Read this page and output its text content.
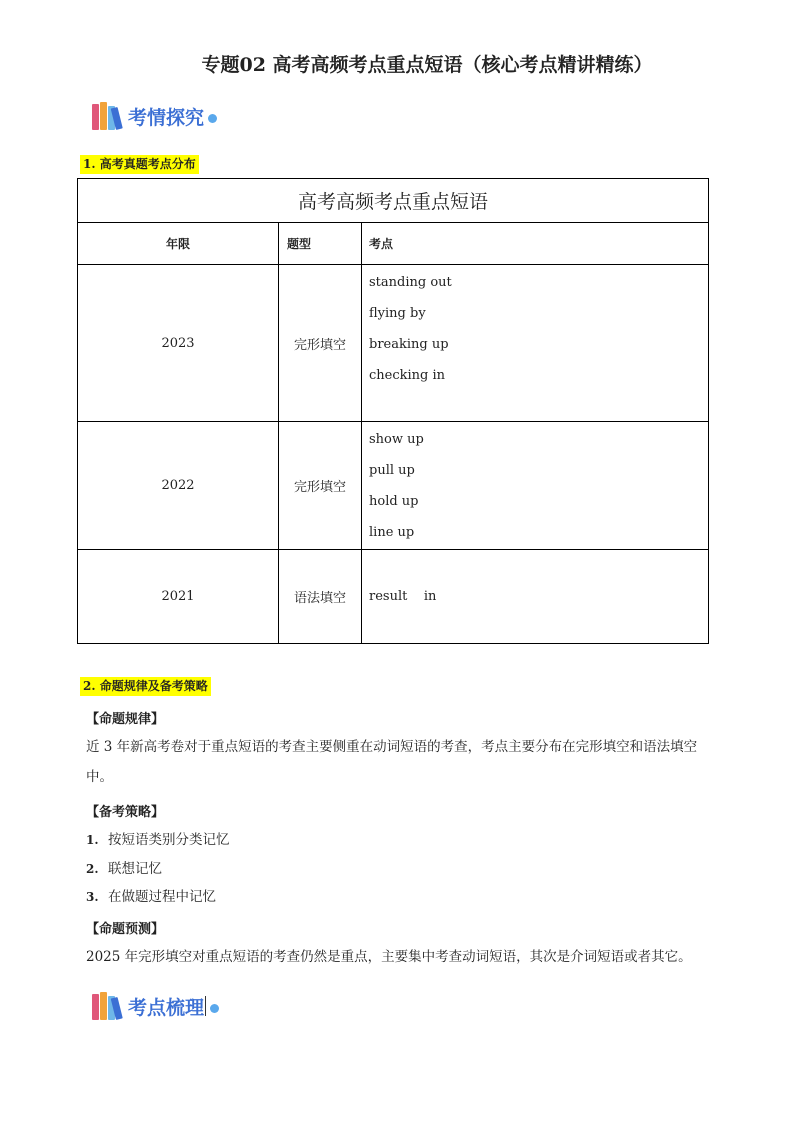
专题02 高考高频考点重点短语（核心考点精讲精练）
考情探究
1. 高考真题考点分布
高考高频考点重点短语		
年限	题型	考点
2023	完形填空	standing out
flying by
breaking up
checking in

2022	完形填空	show up
pull up
hold up
line up

2021	语法填空	result    in
2. 命题规律及备考策略
【命题规律】
近 3 年新高考卷对于重点短语的考查主要侧重在动词短语的考查，考点主要分布在完形填空和语法填空中。
【备考策略】
1. 按短语类别分类记忆
2. 联想记忆
3. 在做题过程中记忆
【命题预测】
2025 年完形填空对重点短语的考查仍然是重点，主要集中考查动词短语，其次是介词短语或者其它。
考点梳理
